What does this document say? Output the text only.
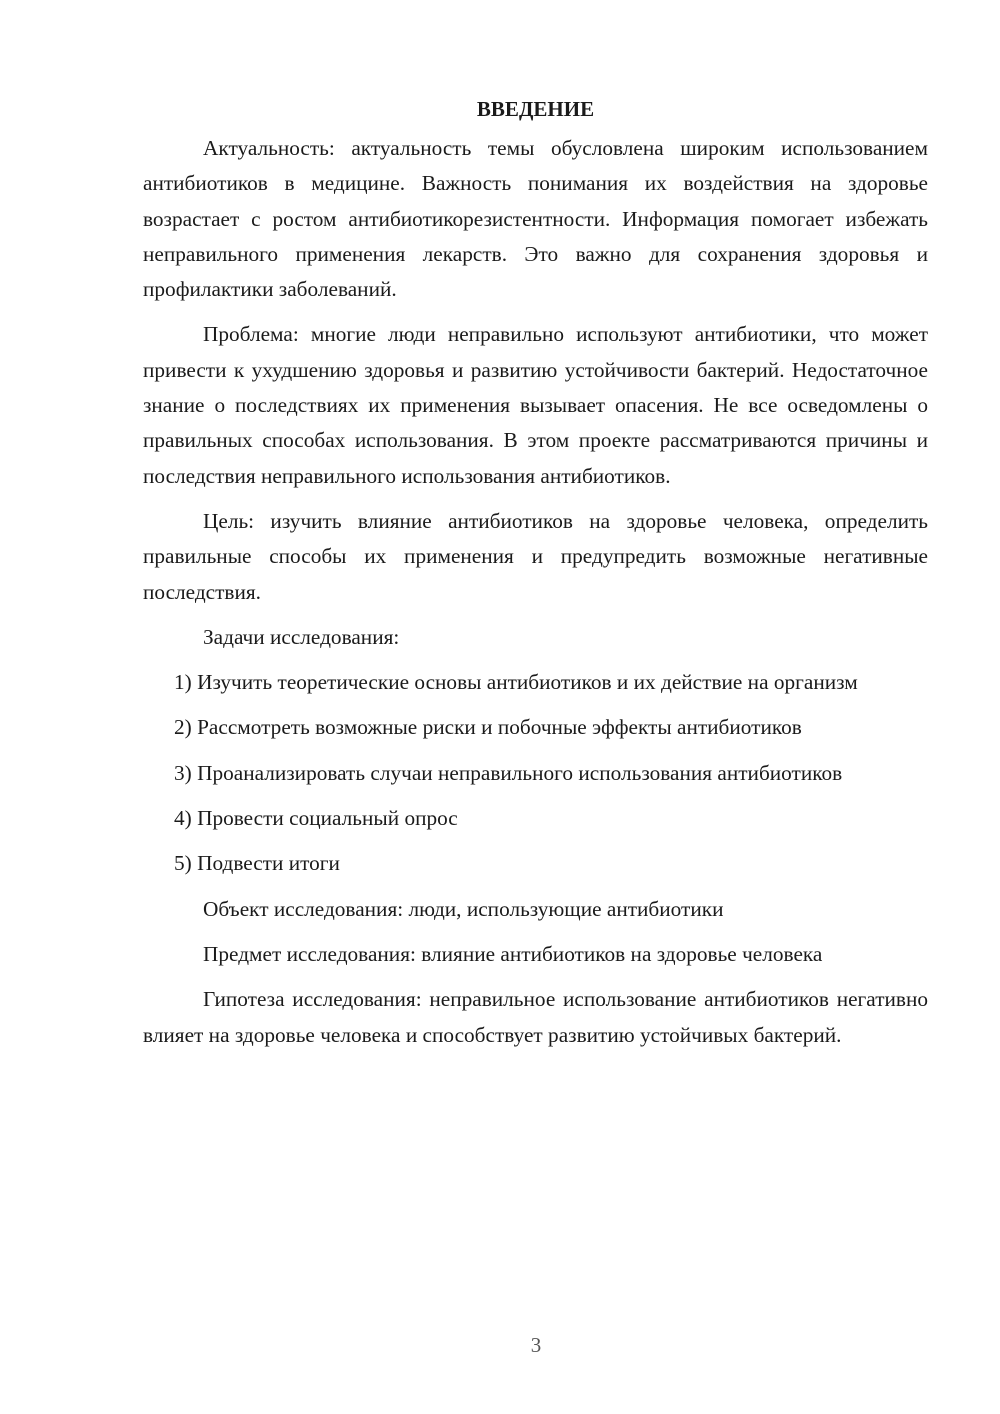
ВВЕДЕНИЕ

Актуальность: актуальность темы обусловлена широким использованием антибиотиков в медицине. Важность понимания их воздействия на здоровье возрастает с ростом антибиотикорезистентности. Информация помогает избежать неправильного применения лекарств. Это важно для сохранения здоровья и профилактики заболеваний.

Проблема: многие люди неправильно используют антибиотики, что может привести к ухудшению здоровья и развитию устойчивости бактерий. Недостаточное знание о последствиях их применения вызывает опасения. Не все осведомлены о правильных способах использования. В этом проекте рассматриваются причины и последствия неправильного использования антибиотиков.

Цель: изучить влияние антибиотиков на здоровье человека, определить правильные способы их применения и предупредить возможные негативные последствия.

Задачи исследования:

1) Изучить теоретические основы антибиотиков и их действие на организм

2) Рассмотреть возможные риски и побочные эффекты антибиотиков

3) Проанализировать случаи неправильного использования антибиотиков

4) Провести социальный опрос

5) Подвести итоги

Объект исследования: люди, использующие антибиотики

Предмет исследования: влияние антибиотиков на здоровье человека

Гипотеза исследования: неправильное использование антибиотиков негативно влияет на здоровье человека и способствует развитию устойчивых бактерий.

3
